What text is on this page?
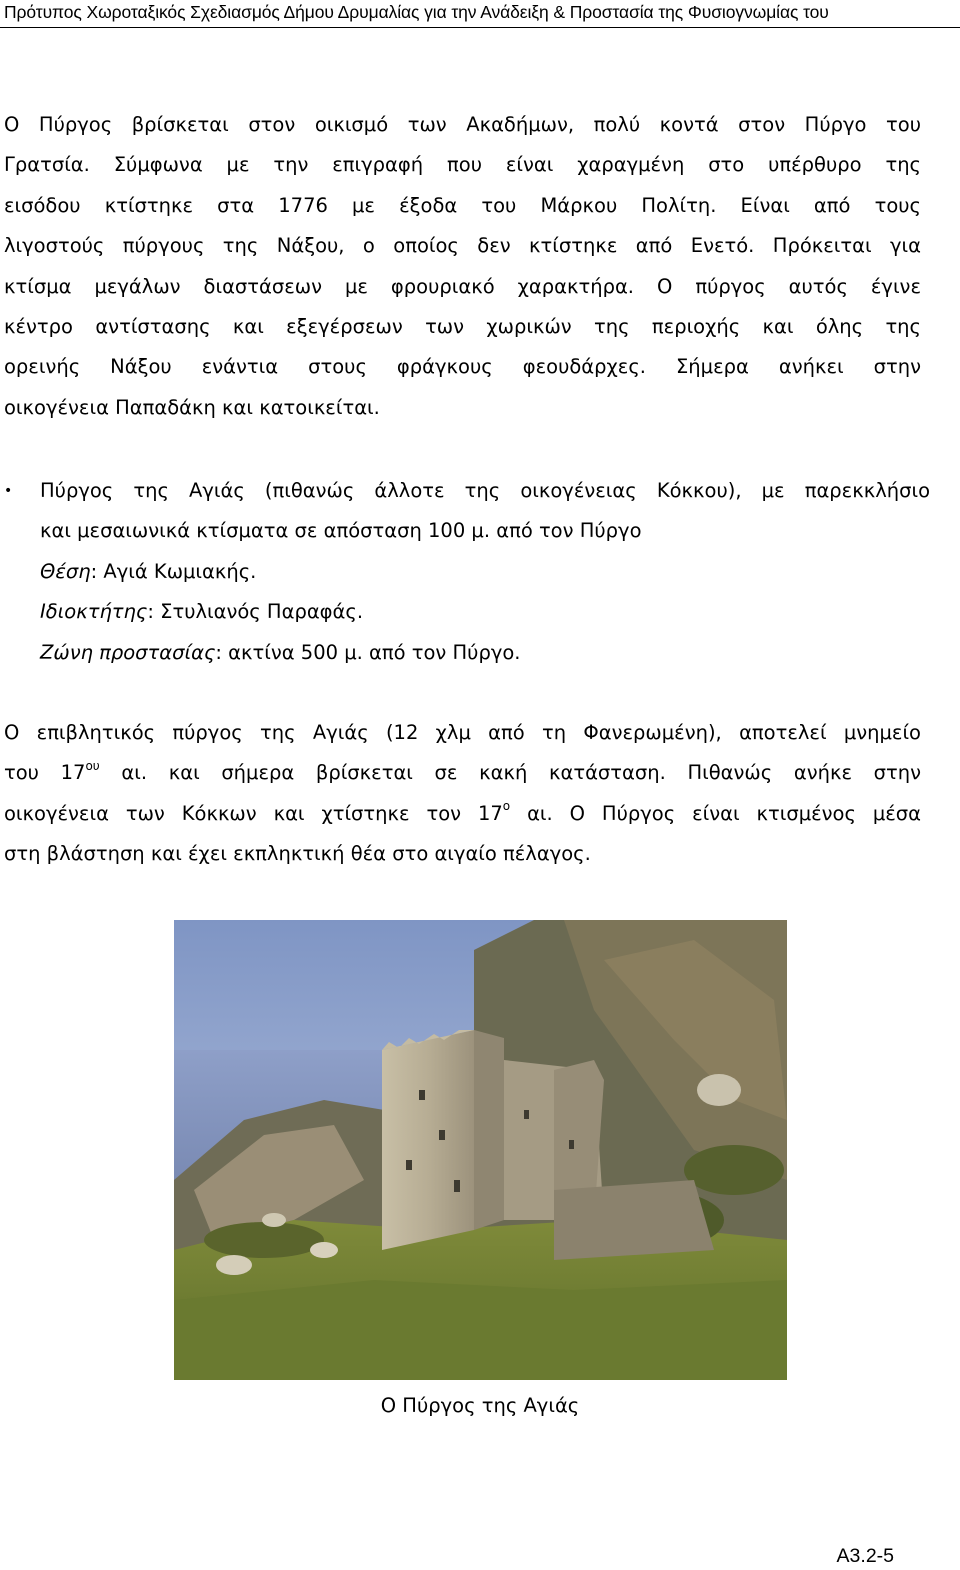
Πρότυπος Χωροταξικός Σχεδιασμός Δήμου Δρυμαλίας για την Ανάδειξη & Προστασία της Φυσιογνωμίας του
Ο Πύργος βρίσκεται στον οικισμό των Ακαδήμων, πολύ κοντά στον Πύργο του
Γρατσία. Σύμφωνα με την επιγραφή που είναι χαραγμένη στο υπέρθυρο της
εισόδου κτίστηκε στα 1776 με έξοδα του Μάρκου Πολίτη. Είναι από τους
λιγοστούς πύργους της Νάξου, ο οποίος δεν κτίστηκε από Ενετό. Πρόκειται για
κτίσμα μεγάλων διαστάσεων με φρουριακό χαρακτήρα. Ο πύργος αυτός έγινε
κέντρο αντίστασης και εξεγέρσεων των χωρικών της περιοχής και όλης της
ορεινής Νάξου ενάντια στους φράγκους φεουδάρχες. Σήμερα ανήκει στην
οικογένεια Παπαδάκη και κατοικείται.
• Πύργος της Αγιάς (πιθανώς άλλοτε της οικογένειας Κόκκου), με παρεκκλήσιο
και μεσαιωνικά κτίσματα σε απόσταση 100 μ. από τον Πύργο
Θέση: Αγιά Κωμιακής.
Ιδιοκτήτης: Στυλιανός Παραφάς.
Ζώνη προστασίας: ακτίνα 500 μ. από τον Πύργο.
Ο επιβλητικός πύργος της Αγιάς (12 χλμ από τη Φανερωμένη), αποτελεί μνημείο
του $17^{o\upsilon}$ αι. και σήμερα βρίσκεται σε κακή κατάσταση. Πιθανώς ανήκε στην
οικογένεια των Κόκκων και χτίστηκε τον $17^o$ αι. Ο Πύργος είναι κτισμένος μέσα
στη βλάστηση και έχει εκπληκτική θέα στο αιγαίο πέλαγος.
Ο Πύργος της Αγιάς
Α3.2-5
